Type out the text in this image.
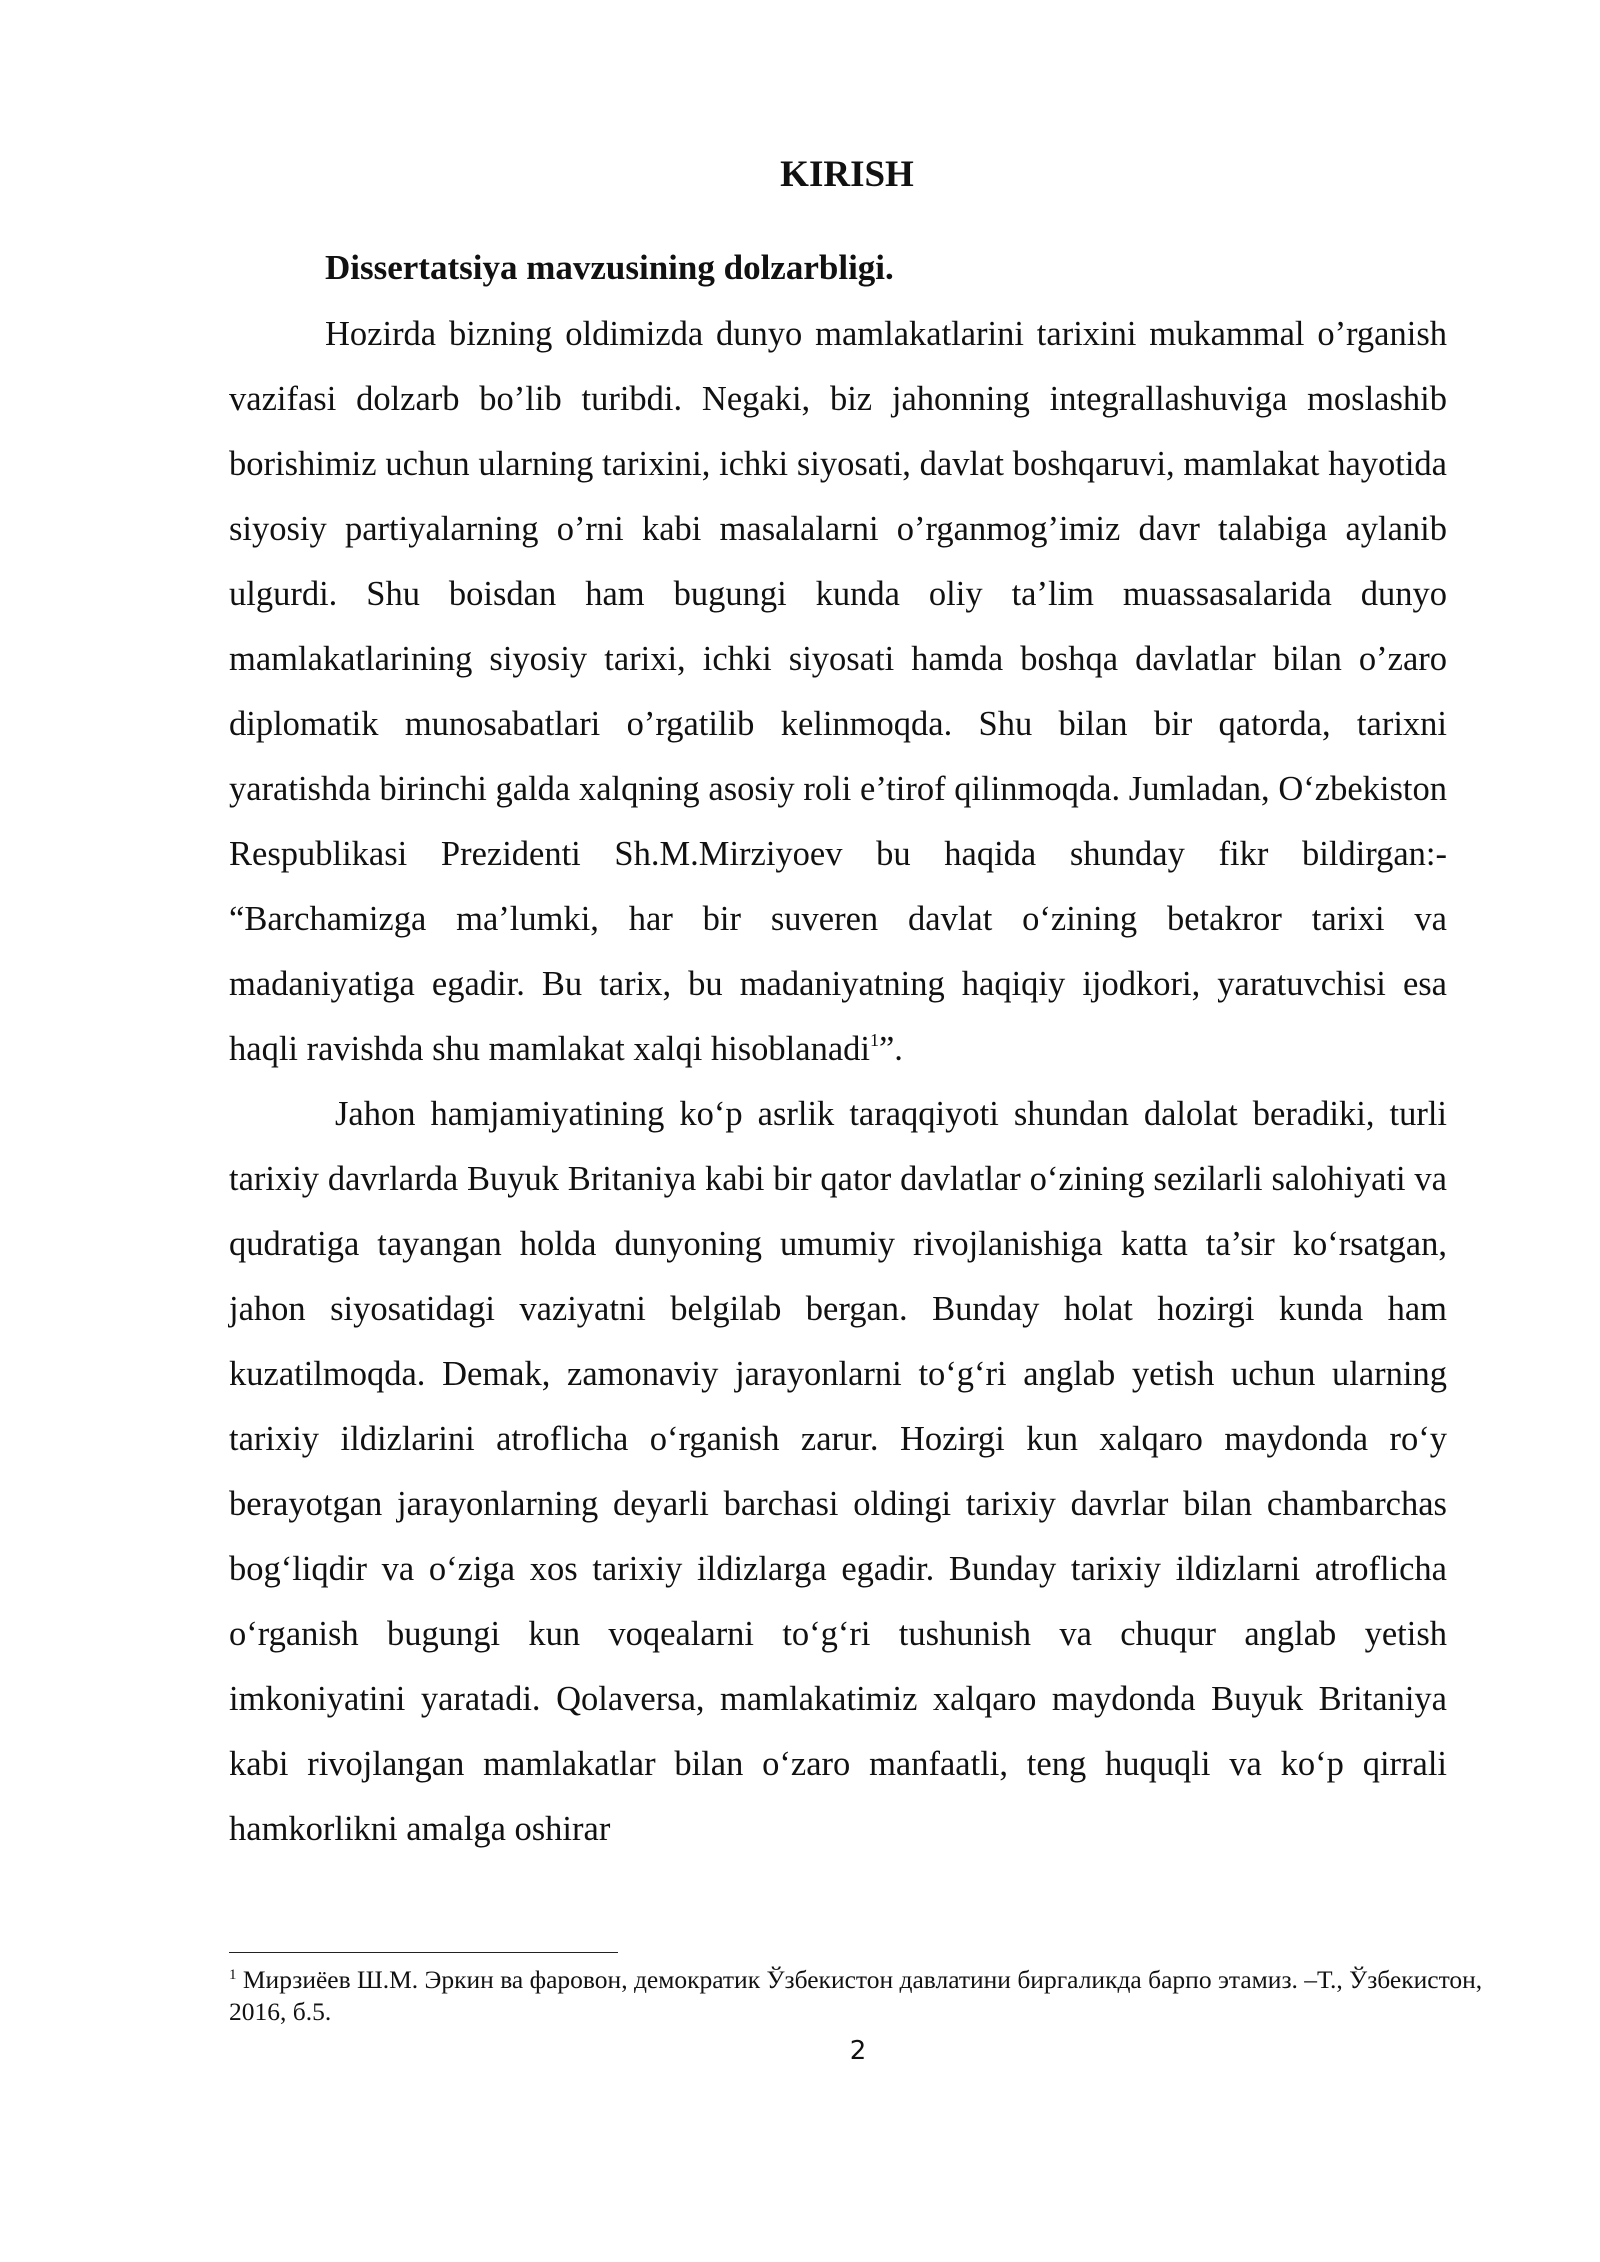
KIRISH
Dissertatsiya mavzusining dolzarbligi.

Hozirda bizning oldimizda dunyo mamlakatlarini tarixini mukammal o’rganish vazifasi dolzarb bo’lib turibdi. Negaki, biz jahonning integrallashuviga moslashib borishimiz uchun ularning tarixini, ichki siyosati, davlat boshqaruvi, mamlakat hayotida siyosiy partiyalarning o’rni kabi masalalarni o’rganmog’imiz davr talabiga aylanib ulgurdi. Shu boisdan ham bugungi kunda oliy ta’lim muassasalarida dunyo mamlakatlarining siyosiy tarixi, ichki siyosati hamda boshqa davlatlar bilan o’zaro diplomatik munosabatlari o’rgatilib kelinmoqda. Shu bilan bir qatorda, tarixni yaratishda birinchi galda xalqning asosiy roli e’tirof qilinmoqda. Jumladan, O‘zbekiston Respublikasi Prezidenti Sh.M.Mirziyoev bu haqida shunday fikr bildirgan:- “Barchamizga ma’lumki, har bir suveren davlat o‘zining betakror tarixi va madaniyatiga egadir. Bu tarix, bu madaniyatning haqiqiy ijodkori, yaratuvchisi esa haqli ravishda shu mamlakat xalqi hisoblanadi$^1$”.

Jahon hamjamiyatining ko‘p asrlik taraqqiyoti shundan dalolat beradiki, turli tarixiy davrlarda Buyuk Britaniya kabi bir qator davlatlar o‘zining sezilarli salohiyati va qudratiga tayangan holda dunyoning umumiy rivojlanishiga katta ta’sir ko‘rsatgan, jahon siyosatidagi vaziyatni belgilab bergan. Bunday holat hozirgi kunda ham kuzatilmoqda. Demak, zamonaviy jarayonlarni to‘g‘ri anglab yetish uchun ularning tarixiy ildizlarini atroflicha o‘rganish zarur. Hozirgi kun xalqaro maydonda ro‘y berayotgan jarayonlarning deyarli barchasi oldingi tarixiy davrlar bilan chambarchas bog‘liqdir va o‘ziga xos tarixiy ildizlarga egadir. Bunday tarixiy ildizlarni atroflicha o‘rganish bugungi kun voqealarni to‘g‘ri tushunish va chuqur anglab yetish imkoniyatini yaratadi. Qolaversa, mamlakatimiz xalqaro maydonda Buyuk Britaniya kabi rivojlangan mamlakatlar bilan o‘zaro manfaatli, teng huquqli va ko‘p qirrali hamkorlikni amalga oshirar

$^1$ Мирзиёев Ш.М. Эркин ва фаровон, демократик Ўзбекистон давлатини биргаликда барпо этамиз. –Т., Ўзбекистон, 2016, б.5.

2
